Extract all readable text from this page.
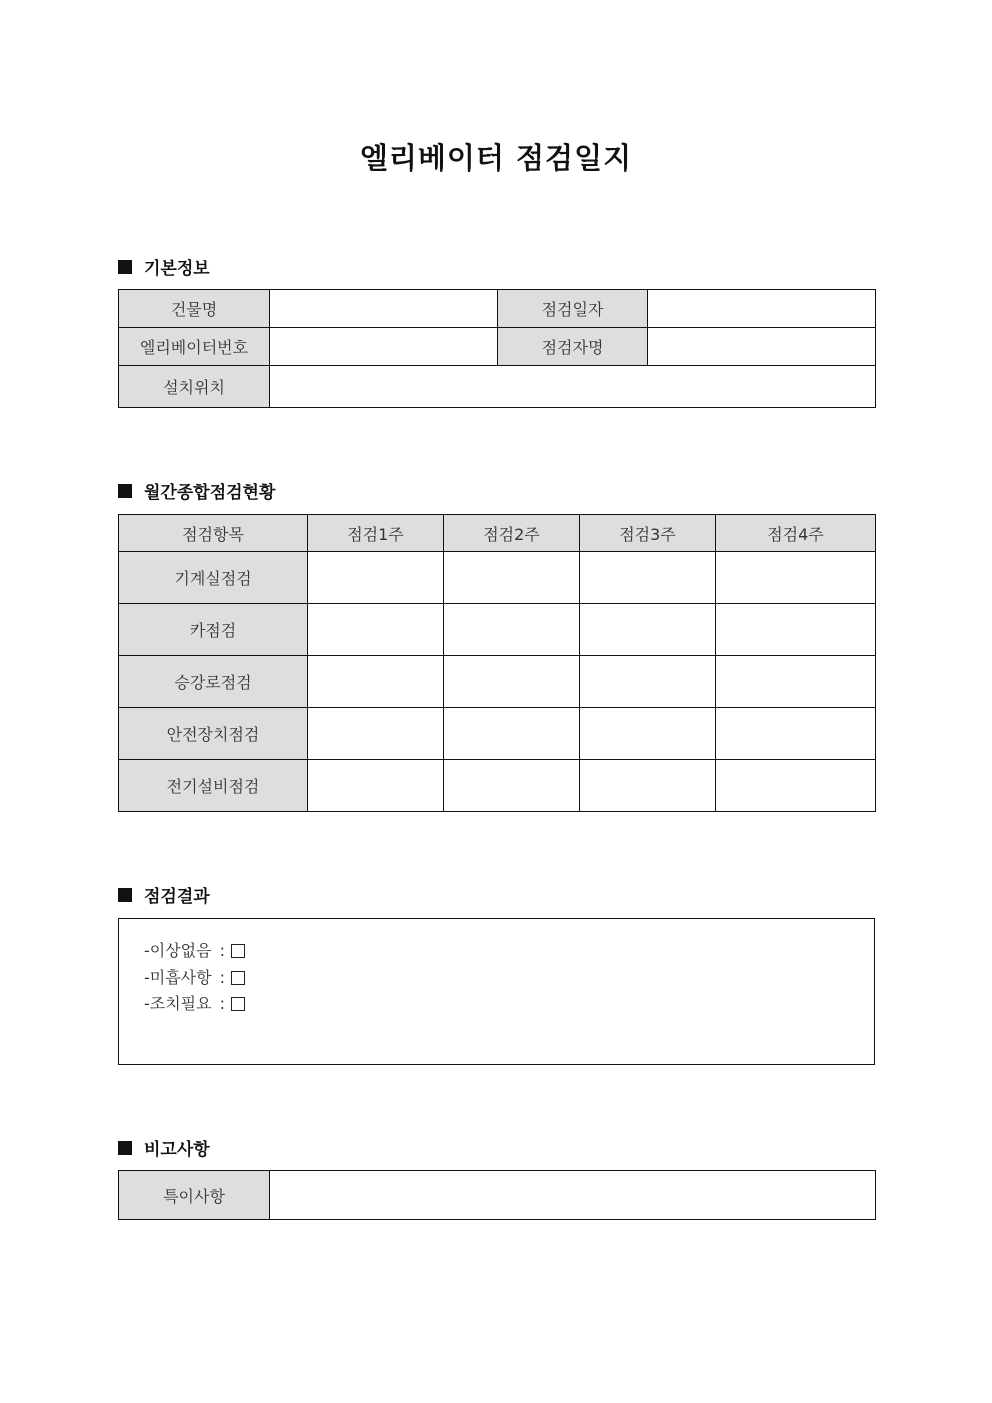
엘리베이터 점검일지
기본정보
건물명		점검일자	
엘리베이터번호		점검자명	
설치위치			
월간종합점검현황
점검항목	점검1주	점검2주	점검3주	점검4주
기계실점검				
카점검				
승강로점검				
안전장치점검				
전기설비점검				
점검결과
-이상없음 :
-미흡사항 :
-조치필요 :
비고사항
특이사항	
